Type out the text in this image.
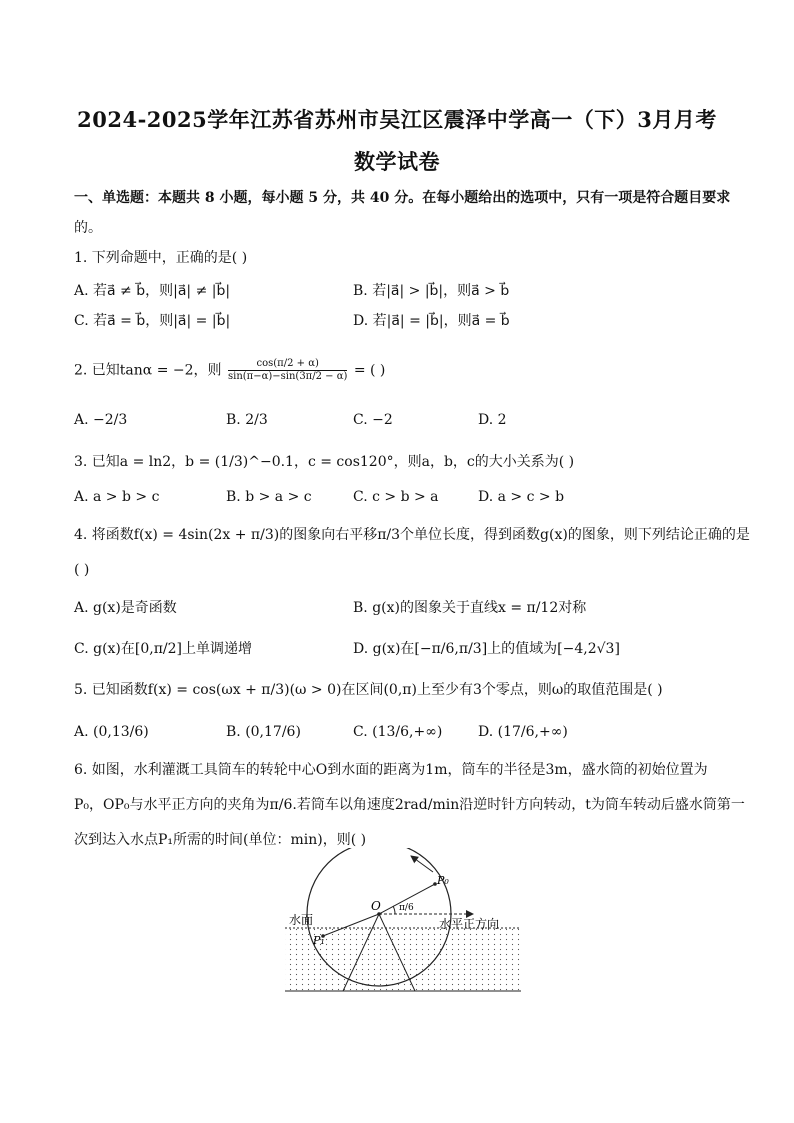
2024-2025学年江苏省苏州市吴江区震泽中学高一（下）3月月考
数学试卷
一、单选题：本题共 8 小题，每小题 5 分，共 40 分。在每小题给出的选项中，只有一项是符合题目要求
的。
1. 下列命题中，正确的是( )
A. 若a⃗ ≠ b⃗，则|a⃗| ≠ |b⃗|	B. 若|a⃗| > |b⃗|，则a⃗ > b⃗
C. 若a⃗ = b⃗，则|a⃗| = |b⃗|	D. 若|a⃗| = |b⃗|，则a⃗ = b⃗
2. 已知tanα = −2，则 $\frac{\cos(\pi/2 + \alpha)}{\sin(\pi-\alpha)-\sin(3\pi/2 - \alpha)}$ = ( )
A. −2/3	B. 2/3	C. −2	D. 2
3. 已知a = ln2，b = (1/3)^−0.1，c = cos120°，则a，b，c的大小关系为( )
A. a > b > c	B. b > a > c	C. c > b > a	D. a > c > b
4. 将函数f(x) = 4sin(2x + π/3)的图象向右平移π/3个单位长度，得到函数g(x)的图象，则下列结论正确的是
( )
A. g(x)是奇函数	B. g(x)的图象关于直线x = π/12对称
C. g(x)在[0,π/2]上单调递增	D. g(x)在[−π/6,π/3]上的值域为[−4,2√3]
5. 已知函数f(x) = cos(ωx + π/3)(ω > 0)在区间(0,π)上至少有3个零点，则ω的取值范围是( )
A. (0,13/6)	B. (0,17/6)	C. (13/6,+∞)	D. (17/6,+∞)
6. 如图，水利灌溉工具筒车的转轮中心O到水面的距离为1m，筒车的半径是3m，盛水筒的初始位置为
P₀，OP₀与水平正方向的夹角为π/6.若筒车以角速度2rad/min沿逆时针方向转动，t为筒车转动后盛水筒第一
次到达入水点P₁所需的时间(单位：min)，则( )
O
P₀
P₁
π/6
水面	水平正方向
